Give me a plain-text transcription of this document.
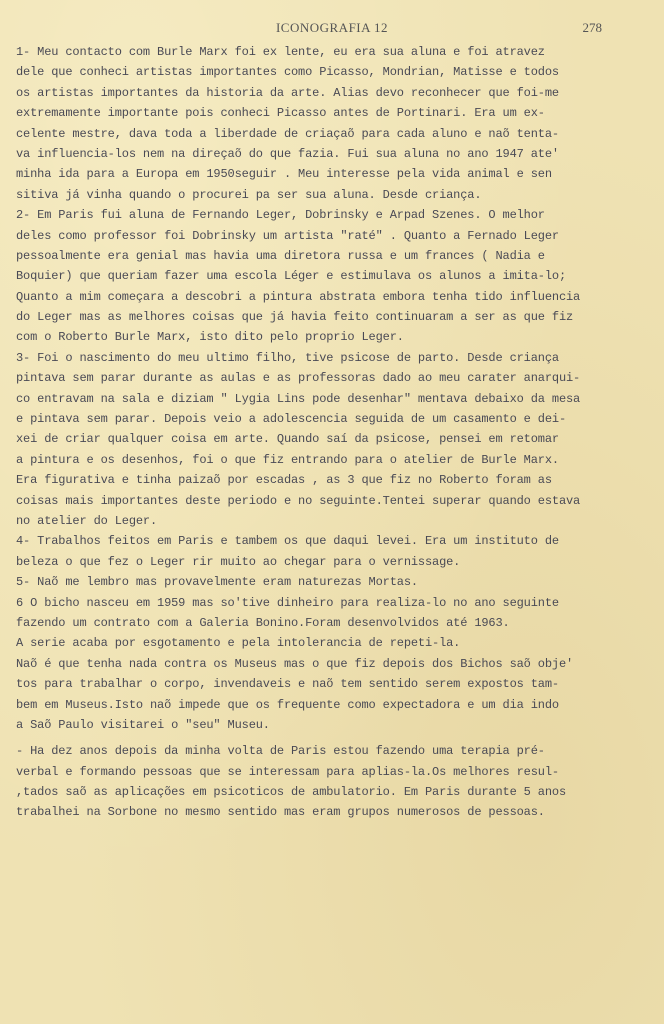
ICONOGRAFIA 12	278
1- Meu contacto com Burle Marx foi ex lente, eu era sua aluna e foi atravez
dele que conheci artistas importantes como Picasso, Mondrian, Matisse e todos
os artistas importantes da historia da arte. Alias devo reconhecer que foi-me
extremamente importante pois conheci Picasso antes de Portinari. Era um ex-
celente mestre, dava toda a liberdade de criaçaõ para cada aluno e naõ tenta-
va influencia-los nem na direçaõ do que fazia. Fui sua aluna no ano 1947 ate'
minha ida para a Europa em 1950seguir . Meu interesse pela vida animal e sen
sitiva já vinha quando o procurei pa ser sua aluna. Desde criança.
2- Em Paris fui aluna de Fernando Leger, Dobrinsky e Arpad Szenes. O melhor
deles como professor foi Dobrinsky um artista "raté" . Quanto a Fernado Leger
pessoalmente era genial mas havia uma diretora russa e um frances ( Nadia e
Boquier) que queriam fazer uma escola Léger e estimulava os alunos a imita-lo;
Quanto a mim começara a descobri a pintura abstrata embora tenha tido influencia
do Leger mas as melhores coisas que já havia feito continuaram a ser as que fiz
com o Roberto Burle Marx, isto dito pelo proprio Leger.
3- Foi o nascimento do meu ultimo filho, tive psicose de parto. Desde criança
pintava sem parar durante as aulas e as professoras dado ao meu carater anarqui-
co entravam na sala e diziam " Lygia Lins pode desenhar" mentava debaixo da mesa
e pintava sem parar. Depois veio a adolescencia seguida de um casamento e dei-
xei de criar qualquer coisa em arte. Quando saí da psicose, pensei em retomar
a pintura e os desenhos, foi o que fiz entrando para o atelier de Burle Marx.
Era figurativa e tinha paizaõ por escadas , as 3 que fiz no Roberto foram as
coisas mais importantes deste periodo e no seguinte.Tentei superar quando estava
no atelier do Leger.
4- Trabalhos feitos em Paris e tambem os que daqui levei. Era um instituto de
beleza o que fez o Leger rir muito ao chegar para o vernissage.
5- Naõ me lembro mas provavelmente eram naturezas Mortas.
6 O bicho nasceu em 1959 mas so'tive dinheiro para realiza-lo no ano seguinte
fazendo um contrato com a Galeria Bonino.Foram desenvolvidos até 1963.
A serie acaba por esgotamento e pela intolerancia de repeti-la.
Naõ é que tenha nada contra os Museus mas o que fiz depois dos Bichos saõ obje'
tos para trabalhar o corpo, invendaveis e naõ tem sentido serem expostos tam-
bem em Museus.Isto naõ impede que os frequente como expectadora e um dia indo
a Saõ Paulo visitarei o "seu" Museu.
- Ha dez anos depois da minha volta de Paris estou fazendo uma terapia pré-
verbal e formando pessoas que se interessam para aplias-la.Os melhores resul-
,tados saõ as aplicações em psicoticos de ambulatorio. Em Paris durante 5 anos
trabalhei na Sorbone no mesmo sentido mas eram grupos numerosos de pessoas.
